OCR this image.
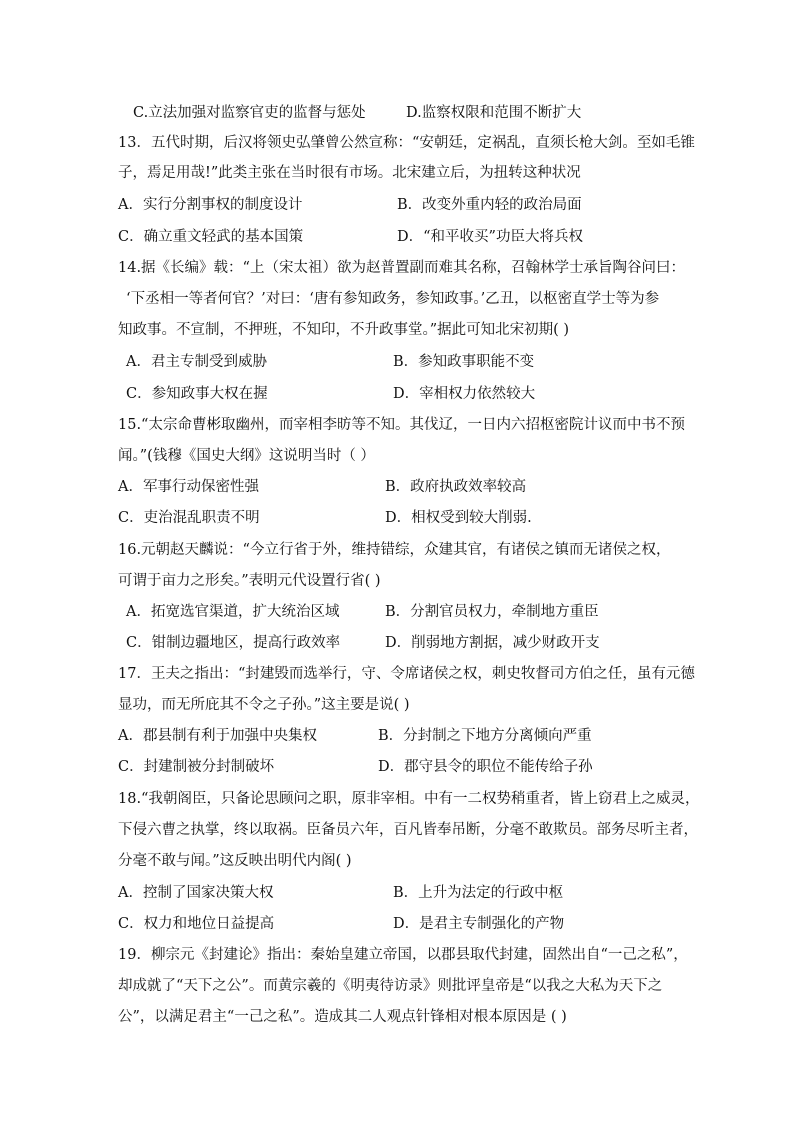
C.立法加强对监察官吏的监督与惩处	D.监察权限和范围不断扩大
13．五代时期，后汉将领史弘肇曾公然宣称：“安朝廷，定祸乱，直须长枪大剑。至如毛锥
子，焉足用哉!”此类主张在当时很有市场。北宋建立后，为扭转这种状况
A．实行分割事权的制度设计	B．改变外重内轻的政治局面
C．确立重文轻武的基本国策	D．“和平收买”功臣大将兵权
14.据《长编》载：“上（宋太祖）欲为赵普置副而难其名称，召翰林学士承旨陶谷问曰：
‘下丞相一等者何官？’对曰：‘唐有参知政务，参知政事。’乙丑，以枢密直学士等为参
知政事。不宣制，不押班，不知印，不升政事堂。”据此可知北宋初期( )
A．君主专制受到威胁	B．参知政事职能不变
C．参知政事大权在握	D．宰相权力依然较大
15.“太宗命曹彬取幽州，而宰相李昉等不知。其伐辽，一日内六招枢密院计议而中书不预
闻。”(钱穆《国史大纲》这说明当时（ ）
A．军事行动保密性强	B．政府执政效率较高
C．吏治混乱职责不明	D．相权受到较大削弱.
16.元朝赵天麟说：“今立行省于外，维持错综，众建其官，有诸侯之镇而无诸侯之权，
可谓于亩力之形矣。”表明元代设置行省( )
A．拓宽选官渠道，扩大统治区域	B．分割官员权力，牵制地方重臣
C．钳制边疆地区，提高行政效率	D．削弱地方割据，减少财政开支
17．王夫之指出：“封建毁而选举行，守、令席诸侯之权，刺史牧督司方伯之任，虽有元德
显功，而无所庇其不令之子孙。”这主要是说( )
A．郡县制有利于加强中央集权	B．分封制之下地方分离倾向严重
C．封建制被分封制破坏	D．郡守县令的职位不能传给子孙
18.“我朝阁臣，只备论思顾问之职，原非宰相。中有一二权势稍重者，皆上窃君上之威灵，
下侵六曹之执掌，终以取祸。臣备员六年，百凡皆奉吊断，分毫不敢欺员。部务尽听主者，
分毫不敢与闻。”这反映出明代内阁( )
A．控制了国家决策大权	B．上升为法定的行政中枢
C．权力和地位日益提高	D．是君主专制强化的产物
19．柳宗元《封建论》指出：秦始皇建立帝国，以郡县取代封建，固然出自“一己之私”，
却成就了“天下之公”。而黄宗羲的《明夷待访录》则批评皇帝是“以我之大私为天下之
公”，以满足君主“一己之私”。造成其二人观点针锋相对根本原因是 ( )
